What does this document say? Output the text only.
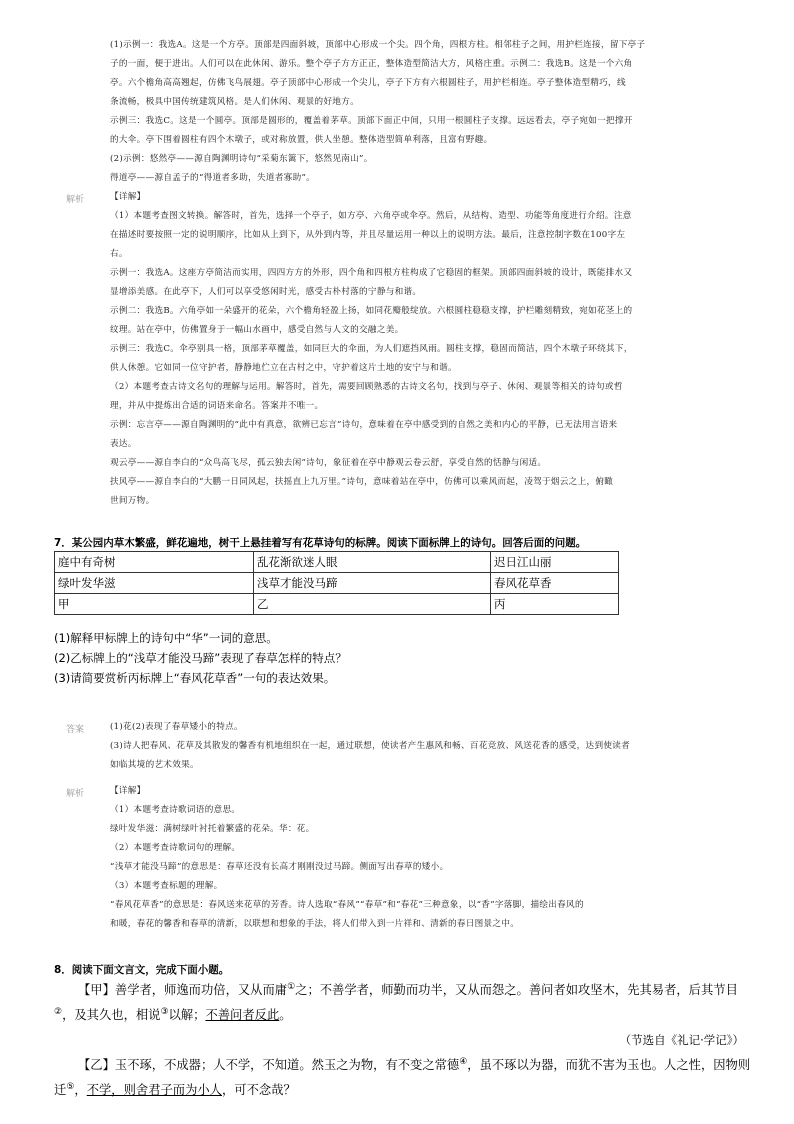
(1)示例一：我选A。这是一个方亭。顶部是四面斜坡，顶部中心形成一个尖。四个角，四根方柱。相邻柱子之间，用护栏连接，留下亭子

子的一面，便于进出。人们可以在此休闲、游乐。整个亭子方方正正，整体造型简洁大方，风格庄重。示例二：我选B。这是一个六角

亭。六个檐角高高翘起，仿佛飞鸟展翅。亭子顶部中心形成一个尖儿，亭子下方有六根圆柱子，用护栏相连。亭子整体造型精巧，线

条流畅，极具中国传统建筑风格。是人们休闲、观景的好地方。

示例三：我选C。这是一个圆亭。顶部是圆形的，覆盖着茅草。顶部下面正中间，只用一根圆柱子支撑。远远看去，亭子宛如一把撑开

的大伞。亭下围着圆柱有四个木墩子，或对称放置，供人坐憩。整体造型简单利落，且富有野趣。

(2)示例：悠然亭——源自陶渊明诗句“采菊东篱下，悠然见南山”。

得道亭——源自孟子的“得道者多助，失道者寡助”。

解析	【详解】

（1）本题考查图文转换。解答时，首先，选择一个亭子，如方亭、六角亭或伞亭。然后，从结构、造型、功能等角度进行介绍。注意

在描述时要按照一定的说明顺序，比如从上到下，从外到内等，并且尽量运用一种以上的说明方法。最后，注意控制字数在100字左

右。

示例一：我选A。这座方亭简洁而实用，四四方方的外形，四个角和四根方柱构成了它稳固的框架。顶部四面斜坡的设计，既能排水又

显增添美感。在此亭下，人们可以享受悠闲时光，感受古朴村落的宁静与和谐。

示例二：我选B。六角亭如一朵盛开的花朵，六个檐角轻盈上扬，如同花瓣般绽放。六根圆柱稳稳支撑，护栏雕刻精致，宛如花茎上的

纹理。站在亭中，仿佛置身于一幅山水画中，感受自然与人文的交融之美。

示例三：我选C。伞亭别具一格，顶部茅草覆盖，如同巨大的伞面，为人们遮挡风雨。圆柱支撑，稳固而简洁，四个木墩子环绕其下，

供人休憩。它如同一位守护者，静静地伫立在古村之中，守护着这片土地的安宁与和谐。

（2）本题考查古诗文名句的理解与运用。解答时，首先，需要回顾熟悉的古诗文名句，找到与亭子、休闲、观景等相关的诗句或哲

理，并从中提炼出合适的词语来命名。答案并不唯一。

示例：忘言亭——源自陶渊明的“此中有真意，欲辨已忘言”诗句，意味着在亭中感受到的自然之美和内心的平静，已无法用言语来

表达。

观云亭——源自李白的“众鸟高飞尽，孤云独去闲”诗句，象征着在亭中静观云卷云舒，享受自然的恬静与闲适。

扶风亭——源自李白的“大鹏一日同风起，扶摇直上九万里。”诗句，意味着站在亭中，仿佛可以乘风而起，凌驾于烟云之上，俯瞰

世间万物。

7．某公园内草木繁盛，鲜花遍地，树干上悬挂着写有花草诗句的标牌。阅读下面标牌上的诗句。回答后面的问题。
庭中有奇树	乱花渐欲迷人眼	迟日江山丽
绿叶发华滋	浅草才能没马蹄	春风花草香
甲	乙	丙

(1)解释甲标牌上的诗句中“华”一词的意思。

(2)乙标牌上的“浅草才能没马蹄”表现了春草怎样的特点？

(3)请简要赏析丙标牌上“春风花草香”一句的表达效果。

答案	(1)花(2)表现了春草矮小的特点。

(3)诗人把春风、花草及其散发的馨香有机地组织在一起，通过联想，使读者产生惠风和畅、百花竞放、风送花香的感受，达到使读者

如临其境的艺术效果。

解析	【详解】

（1）本题考查诗歌词语的意思。

绿叶发华滋：满树绿叶衬托着繁盛的花朵。华：花。

（2）本题考查诗歌词句的理解。

“浅草才能没马蹄”的意思是：春草还没有长高才刚刚没过马蹄。侧面写出春草的矮小。

（3）本题考查标题的理解。

“春风花草香”的意思是：春风送来花草的芳香。诗人选取“春风”“春草”和“春花”三种意象，以“香”字落脚，描绘出春风的

和暖，春花的馨香和春草的清新，以联想和想象的手法，将人们带入到一片祥和、清新的春日图景之中。

8．阅读下面文言文，完成下面小题。

【甲】善学者，师逸而功倍，又从而庸①之；不善学者，师勤而功半，又从而怨之。善问者如攻坚木，先其易者，后其节目

②，及其久也，相说③以解；不善问者反此。

（节选自《礼记·学记》）

【乙】玉不琢，不成器；人不学，不知道。然玉之为物，有不变之常德④，虽不琢以为器，而犹不害为玉也。人之性，因物则

迁⑤，不学，则舍君子而为小人，可不念哉？
